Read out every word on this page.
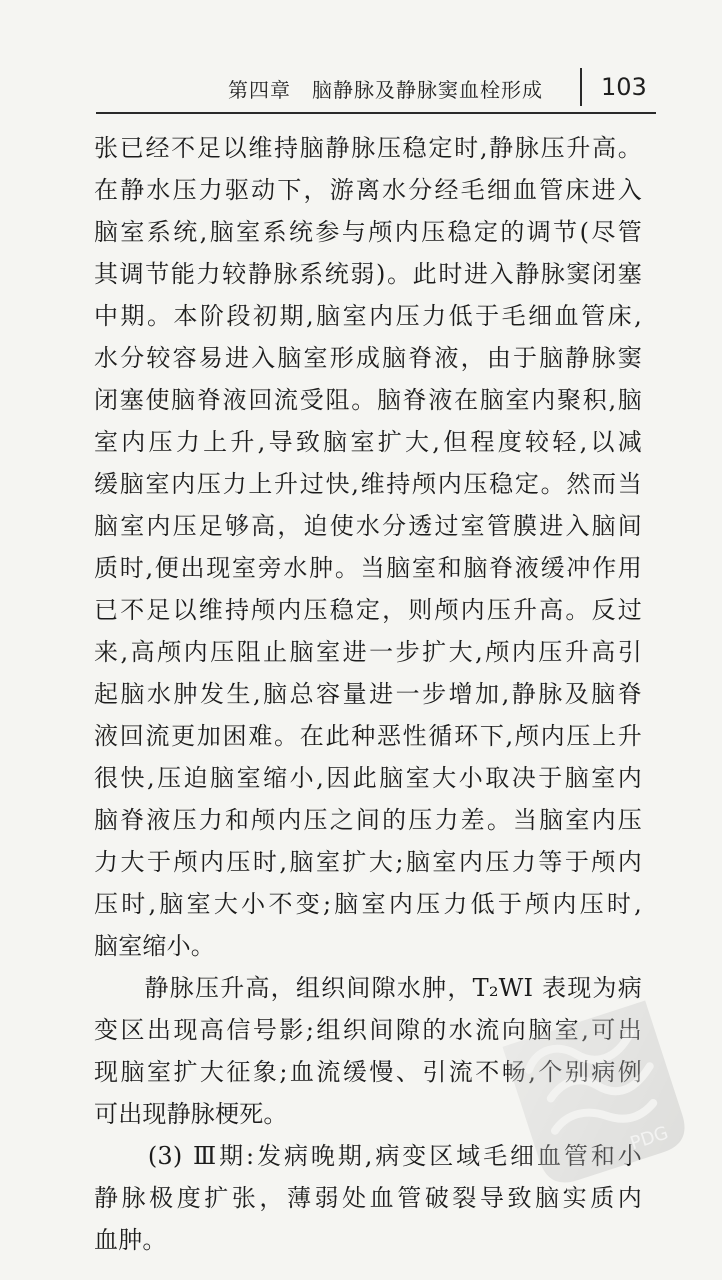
第四章　脑静脉及静脉窦血栓形成 103
张已经不足以维持脑静脉压稳定时,静脉压升高。
在静水压力驱动下，游离水分经毛细血管床进入
脑室系统,脑室系统参与颅内压稳定的调节(尽管
其调节能力较静脉系统弱)。此时进入静脉窦闭塞
中期。本阶段初期,脑室内压力低于毛细血管床,
水分较容易进入脑室形成脑脊液，由于脑静脉窦
闭塞使脑脊液回流受阻。脑脊液在脑室内聚积,脑
室内压力上升,导致脑室扩大,但程度较轻,以减
缓脑室内压力上升过快,维持颅内压稳定。然而当
脑室内压足够高，迫使水分透过室管膜进入脑间
质时,便出现室旁水肿。当脑室和脑脊液缓冲作用
已不足以维持颅内压稳定，则颅内压升高。反过
来,高颅内压阻止脑室进一步扩大,颅内压升高引
起脑水肿发生,脑总容量进一步增加,静脉及脑脊
液回流更加困难。在此种恶性循环下,颅内压上升
很快,压迫脑室缩小,因此脑室大小取决于脑室内
脑脊液压力和颅内压之间的压力差。当脑室内压
力大于颅内压时,脑室扩大;脑室内压力等于颅内
压时,脑室大小不变;脑室内压力低于颅内压时,
脑室缩小。
　　静脉压升高，组织间隙水肿，T₂WI 表现为病
变区出现高信号影;组织间隙的水流向脑室,可出
现脑室扩大征象;血流缓慢、引流不畅,个别病例
可出现静脉梗死。
　　(3) Ⅲ期:发病晚期,病变区域毛细血管和小
静脉极度扩张，薄弱处血管破裂导致脑实质内
血肿。
PDG
